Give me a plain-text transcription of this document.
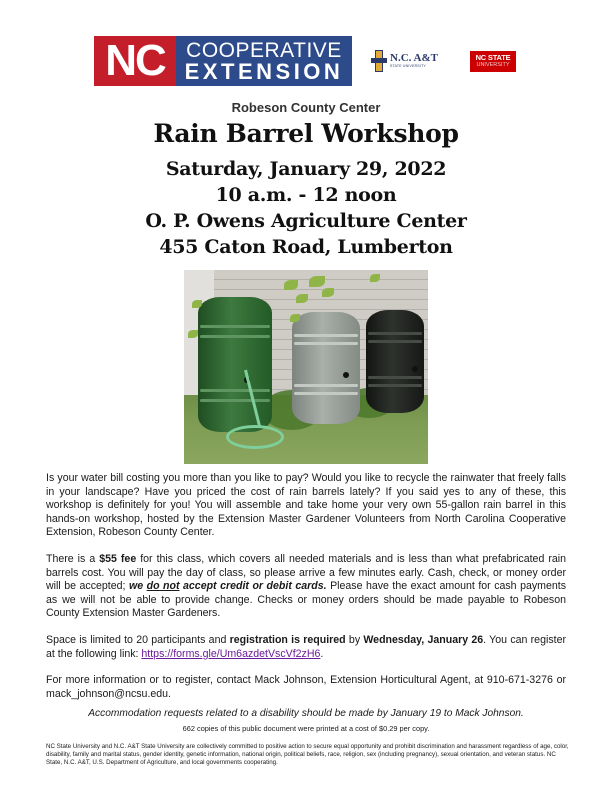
NC	COOPERATIVE
EXTENSION
N.C. A&T
STATE UNIVERSITY
NC STATE
UNIVERSITY
Robeson County Center
Rain Barrel Workshop
Saturday, January 29, 2022
10 a.m. - 12 noon
O. P. Owens Agriculture Center
455 Caton Road, Lumberton

Is your water bill costing you more than you like to pay? Would you like to recycle the rainwater that freely falls in your landscape? Have you priced the cost of rain barrels lately? If you said yes to any of these, this workshop is definitely for you! You will assemble and take home your very own 55-gallon rain barrel in this hands-on workshop, hosted by the Extension Master Gardener Volunteers from North Carolina Cooperative Extension, Robeson County Center.

There is a $55 fee for this class, which covers all needed materials and is less than what prefabricated rain barrels cost. You will pay the day of class, so please arrive a few minutes early. Cash, check, or money order will be accepted; we do not accept credit or debit cards. Please have the exact amount for cash payments as we will not be able to provide change. Checks or money orders should be made payable to Robeson County Extension Master Gardeners.

Space is limited to 20 participants and registration is required by Wednesday, January 26. You can register at the following link: https://forms.gle/Um6azdetVscVf2zH6.

For more information or to register, contact Mack Johnson, Extension Horticultural Agent, at 910-671-3276 or mack_johnson@ncsu.edu.

Accommodation requests related to a disability should be made by January 19 to Mack Johnson.
662 copies of this public document were printed at a cost of $0.29 per copy.
NC State University and N.C. A&T State University are collectively committed to positive action to secure equal opportunity and prohibit discrimination and harassment regardless of age, color, disability, family and marital status, gender identity, genetic information, national origin, political beliefs, race, religion, sex (including pregnancy), sexual orientation, and veteran status. NC State, N.C. A&T, U.S. Department of Agriculture, and local governments cooperating.
